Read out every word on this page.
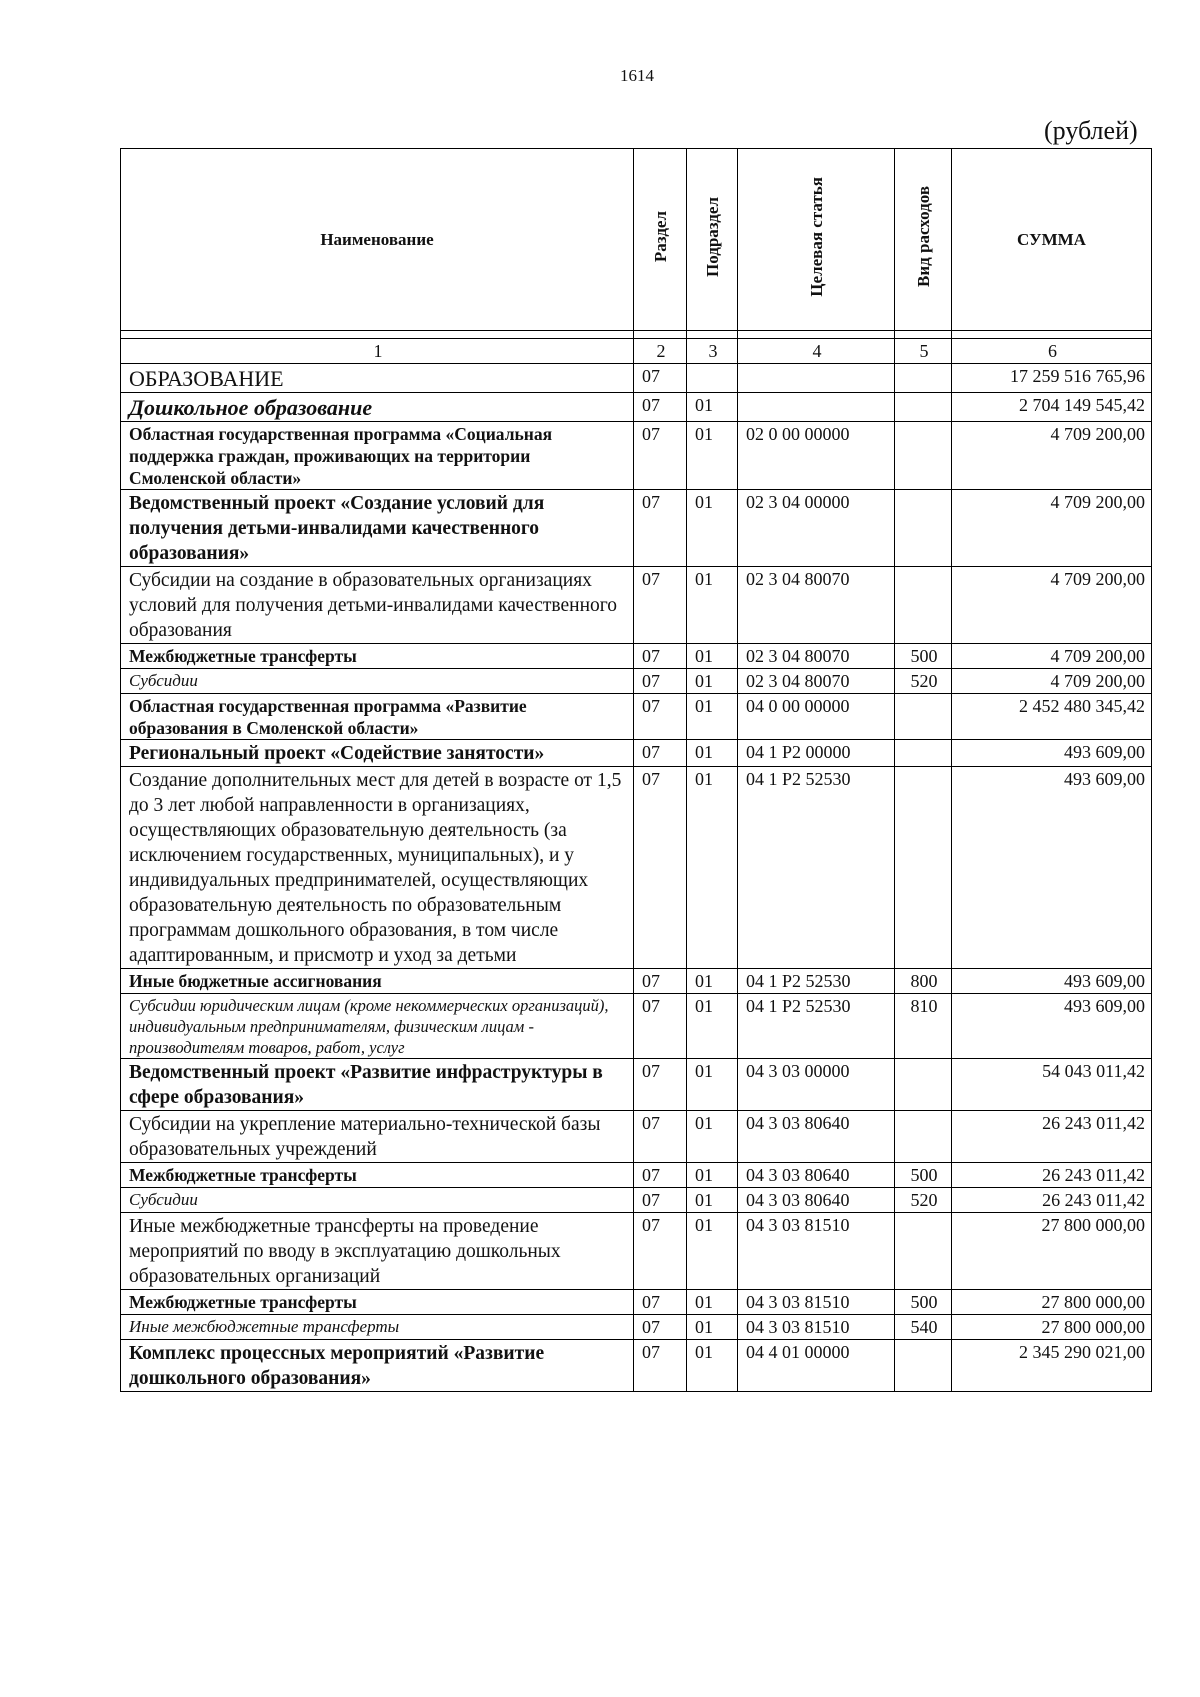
1614
(рублей)
Наименование	Раздел	Подраздел	Целевая статья	Вид расходов	СУММА

1	2	3	4	5	6
ОБРАЗОВАНИЕ	07				17 259 516 765,96
Дошкольное образование	07	01			2 704 149 545,42
Областная государственная программа «Социальная поддержка граждан, проживающих на территории Смоленской области»	07	01	02 0 00 00000		4 709 200,00
Ведомственный проект «Создание условий для получения детьми-инвалидами качественного образования»	07	01	02 3 04 00000		4 709 200,00
Субсидии на создание в образовательных организациях условий для получения детьми-инвалидами качественного образования	07	01	02 3 04 80070		4 709 200,00
Межбюджетные трансферты	07	01	02 3 04 80070	500	4 709 200,00
Субсидии	07	01	02 3 04 80070	520	4 709 200,00
Областная государственная программа «Развитие образования в Смоленской области»	07	01	04 0 00 00000		2 452 480 345,42
Региональный проект «Содействие занятости»	07	01	04 1 P2 00000		493 609,00
Создание дополнительных мест для детей в возрасте от 1,5 до 3 лет любой направленности в организациях, осуществляющих образовательную деятельность (за исключением государственных, муниципальных), и у индивидуальных предпринимателей, осуществляющих образовательную деятельность по образовательным программам дошкольного образования, в том числе адаптированным, и присмотр и уход за детьми	07	01	04 1 P2 52530		493 609,00
Иные бюджетные ассигнования	07	01	04 1 P2 52530	800	493 609,00
Субсидии юридическим лицам (кроме некоммерческих организаций), индивидуальным предпринимателям, физическим лицам - производителям товаров, работ, услуг	07	01	04 1 P2 52530	810	493 609,00
Ведомственный проект «Развитие инфраструктуры в сфере образования»	07	01	04 3 03 00000		54 043 011,42
Субсидии на укрепление материально-технической базы образовательных учреждений	07	01	04 3 03 80640		26 243 011,42
Межбюджетные трансферты	07	01	04 3 03 80640	500	26 243 011,42
Субсидии	07	01	04 3 03 80640	520	26 243 011,42
Иные межбюджетные трансферты на проведение мероприятий по вводу в эксплуатацию дошкольных образовательных организаций	07	01	04 3 03 81510		27 800 000,00
Межбюджетные трансферты	07	01	04 3 03 81510	500	27 800 000,00
Иные межбюджетные трансферты	07	01	04 3 03 81510	540	27 800 000,00
Комплекс процессных мероприятий «Развитие дошкольного образования»	07	01	04 4 01 00000		2 345 290 021,00
